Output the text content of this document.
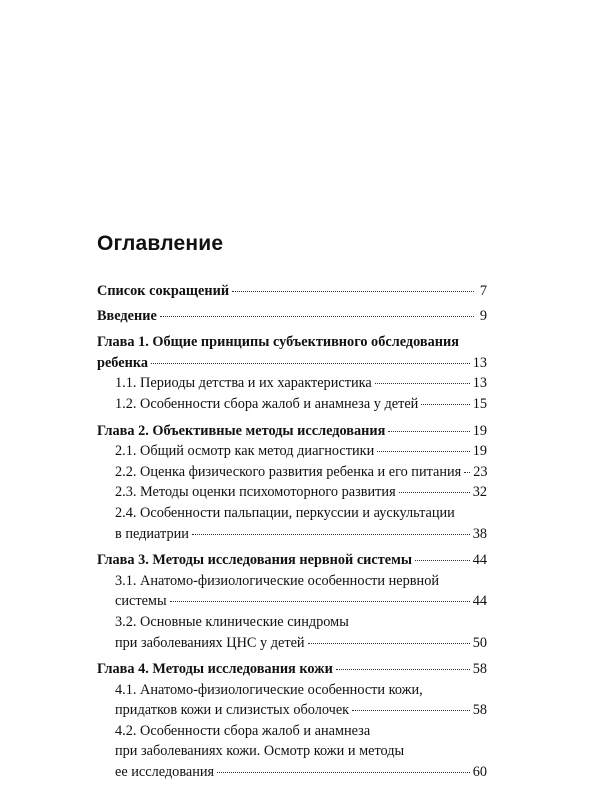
Оглавление
Список сокращений	7
Введение	9
Глава 1. Общие принципы субъективного обследования
ребенка	13
1.1. Периоды детства и их характеристика	13
1.2. Особенности сбора жалоб и анамнеза у детей	15
Глава 2. Объективные методы исследования	19
2.1. Общий осмотр как метод диагностики	19
2.2. Оценка физического развития ребенка и его питания 23
2.3. Методы оценки психомоторного развития	32
2.4. Особенности пальпации, перкуссии и аускультации
в педиатрии	38
Глава 3. Методы исследования нервной системы	44
3.1. Анатомо-физиологические особенности нервной
системы	44
3.2. Основные клинические синдромы
при заболеваниях ЦНС у детей	50
Глава 4. Методы исследования кожи	58
4.1. Анатомо-физиологические особенности кожи,
придатков кожи и слизистых оболочек	58
4.2. Особенности сбора жалоб и анамнеза
при заболеваниях кожи. Осмотр кожи и методы
ее исследования	60
